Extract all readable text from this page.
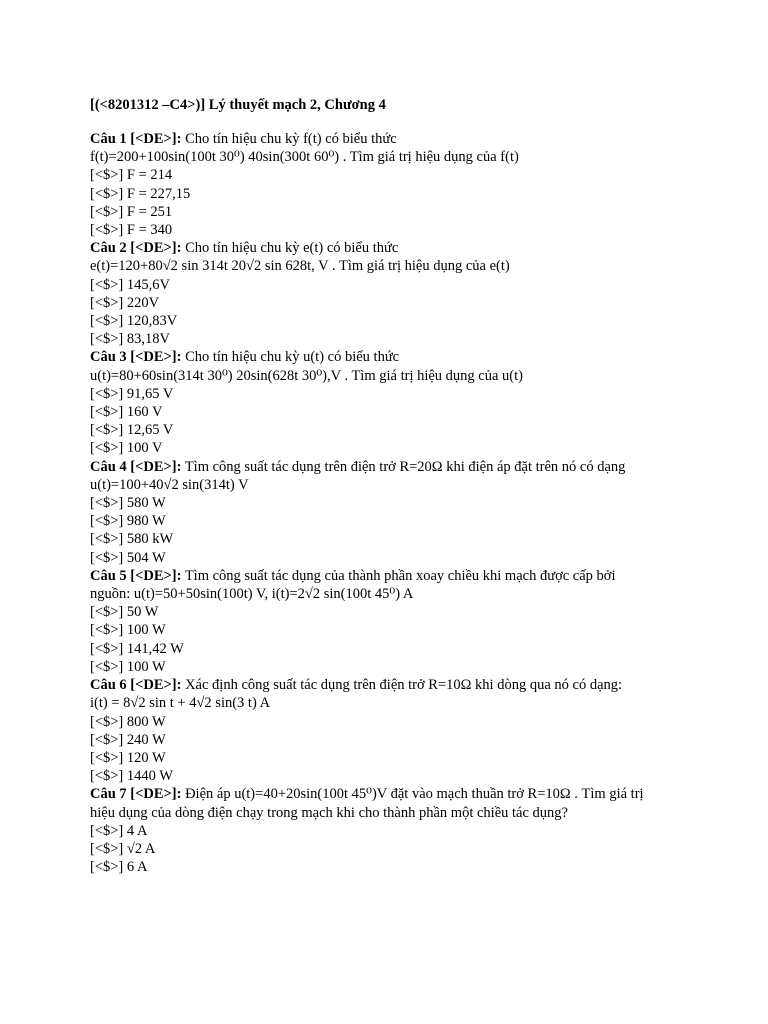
[(<8201312 –C4>)] Lý thuyết mạch 2, Chương 4
Câu 1 [<DE>]: Cho tín hiệu chu kỳ f(t) có biểu thức
f(t)=200+100sin(100t 30⁰) 40sin(300t 60⁰) . Tìm giá trị hiệu dụng của f(t)
[<$>] F = 214
[<$>] F = 227,15
[<$>] F = 251
[<$>] F = 340
Câu 2 [<DE>]: Cho tín hiệu chu kỳ e(t) có biểu thức
e(t)=120+80√2 sin 314t 20√2 sin 628t, V . Tìm giá trị hiệu dụng của e(t)
[<$>] 145,6V
[<$>] 220V
[<$>] 120,83V
[<$>] 83,18V
Câu 3 [<DE>]: Cho tín hiệu chu kỳ u(t) có biểu thức
u(t)=80+60sin(314t 30⁰) 20sin(628t 30⁰),V . Tìm giá trị hiệu dụng của u(t)
[<$>] 91,65 V
[<$>] 160 V
[<$>] 12,65 V
[<$>] 100 V
Câu 4 [<DE>]: Tìm công suất tác dụng trên điện trở R=20Ω khi điện áp đặt trên nó có dạng
u(t)=100+40√2 sin(314t) V
[<$>] 580 W
[<$>] 980 W
[<$>] 580 kW
[<$>] 504 W
Câu 5 [<DE>]: Tìm công suất tác dụng của thành phần xoay chiều khi mạch được cấp bởi
nguồn: u(t)=50+50sin(100t) V, i(t)=2√2 sin(100t 45⁰) A
[<$>] 50 W
[<$>] 100 W
[<$>] 141,42 W
[<$>] 100 W
Câu 6 [<DE>]: Xác định công suất tác dụng trên điện trở R=10Ω khi dòng qua nó có dạng:
i(t) = 8√2 sin t + 4√2 sin(3 t) A
[<$>] 800 W
[<$>] 240 W
[<$>] 120 W
[<$>] 1440 W
Câu 7 [<DE>]: Điện áp u(t)=40+20sin(100t 45⁰)V đặt vào mạch thuần trở R=10Ω . Tìm giá trị
hiệu dụng của dòng điện chạy trong mạch khi cho thành phần một chiều tác dụng?
[<$>] 4 A
[<$>] √2 A
[<$>] 6 A
